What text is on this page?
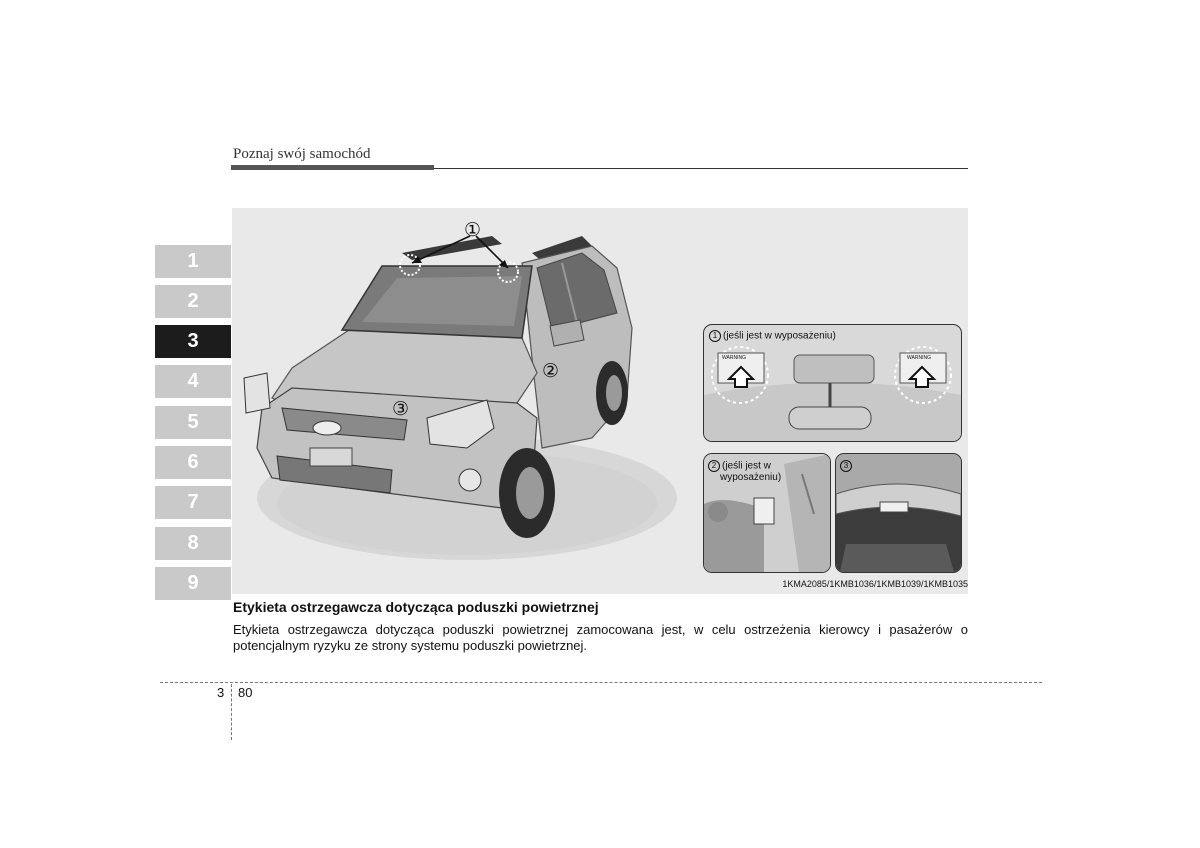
Poznaj swój samochód
1
2
3
4
5
6
7
8
9
①
②
③
1 (jeśli jest w wyposażeniu)
WARNING	WARNING
2 (jeśli jest w
wyposażeniu)
3
1KMA2085/1KMB1036/1KMB1039/1KMB1035
Etykieta ostrzegawcza dotycząca poduszki powietrznej
Etykieta ostrzegawcza dotycząca poduszki powietrznej zamocowana jest, w celu ostrzeżenia kierowcy i pasażerów o potencjalnym ryzyku ze strony systemu poduszki powietrznej.
3 80
